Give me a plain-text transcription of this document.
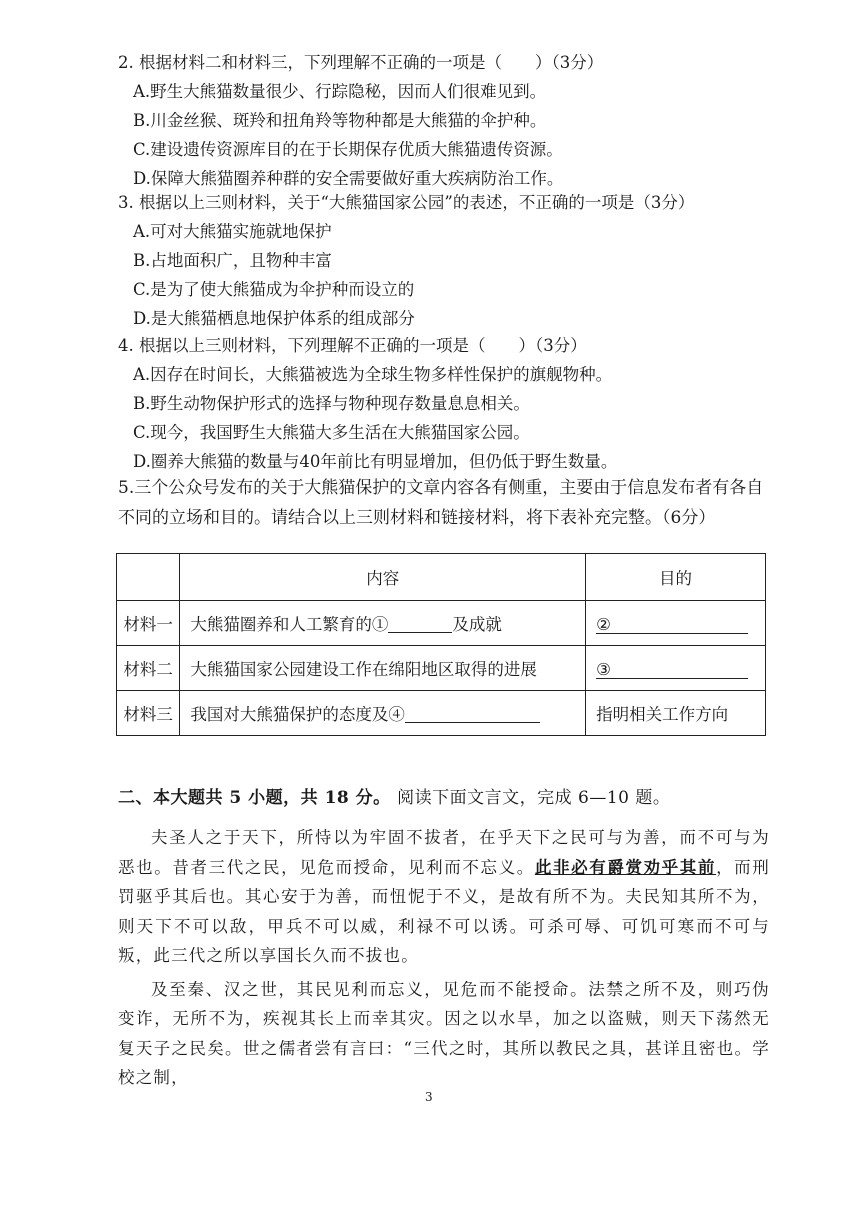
2. 根据材料二和材料三，下列理解不正确的一项是（　　）（3分）
A.野生大熊猫数量很少、行踪隐秘，因而人们很难见到。
B.川金丝猴、斑羚和扭角羚等物种都是大熊猫的伞护种。
C.建设遗传资源库目的在于长期保存优质大熊猫遗传资源。
D.保障大熊猫圈养种群的安全需要做好重大疾病防治工作。
3. 根据以上三则材料，关于“大熊猫国家公园”的表述，不正确的一项是（3分）
A.可对大熊猫实施就地保护
B.占地面积广，且物种丰富
C.是为了使大熊猫成为伞护种而设立的
D.是大熊猫栖息地保护体系的组成部分
4. 根据以上三则材料，下列理解不正确的一项是（　　）（3分）
A.因存在时间长，大熊猫被选为全球生物多样性保护的旗舰物种。
B.野生动物保护形式的选择与物种现存数量息息相关。
C.现今，我国野生大熊猫大多生活在大熊猫国家公园。
D.圈养大熊猫的数量与40年前比有明显增加，但仍低于野生数量。
5.三个公众号发布的关于大熊猫保护的文章内容各有侧重，主要由于信息发布者有各自不同的立场和目的。请结合以上三则材料和链接材料，将下表补充完整。（6分）
	内容	目的
材料一	大熊猫圈养和人工繁育的① 及成就	②
材料二	大熊猫国家公园建设工作在绵阳地区取得的进展	③
材料三	我国对大熊猫保护的态度及④	指明相关工作方向
二、本大题共 5 小题，共 18 分。 阅读下面文言文，完成 6—10 题。

夫圣人之于天下，所恃以为牢固不拔者，在乎天下之民可与为善，而不可与为恶也。昔者三代之民，见危而授命，见利而不忘义。此非必有爵赏劝乎其前，而刑罚驱乎其后也。其心安于为善，而忸怩于不义，是故有所不为。夫民知其所不为，则天下不可以敌，甲兵不可以威，利禄不可以诱。可杀可辱、可饥可寒而不可与叛，此三代之所以享国长久而不拔也。

及至秦、汉之世，其民见利而忘义，见危而不能授命。法禁之所不及，则巧伪变诈，无所不为，疾视其长上而幸其灾。因之以水旱，加之以盗贼，则天下荡然无复天子之民矣。世之儒者尝有言曰：“三代之时，其所以教民之具，甚详且密也。学校之制，

3
